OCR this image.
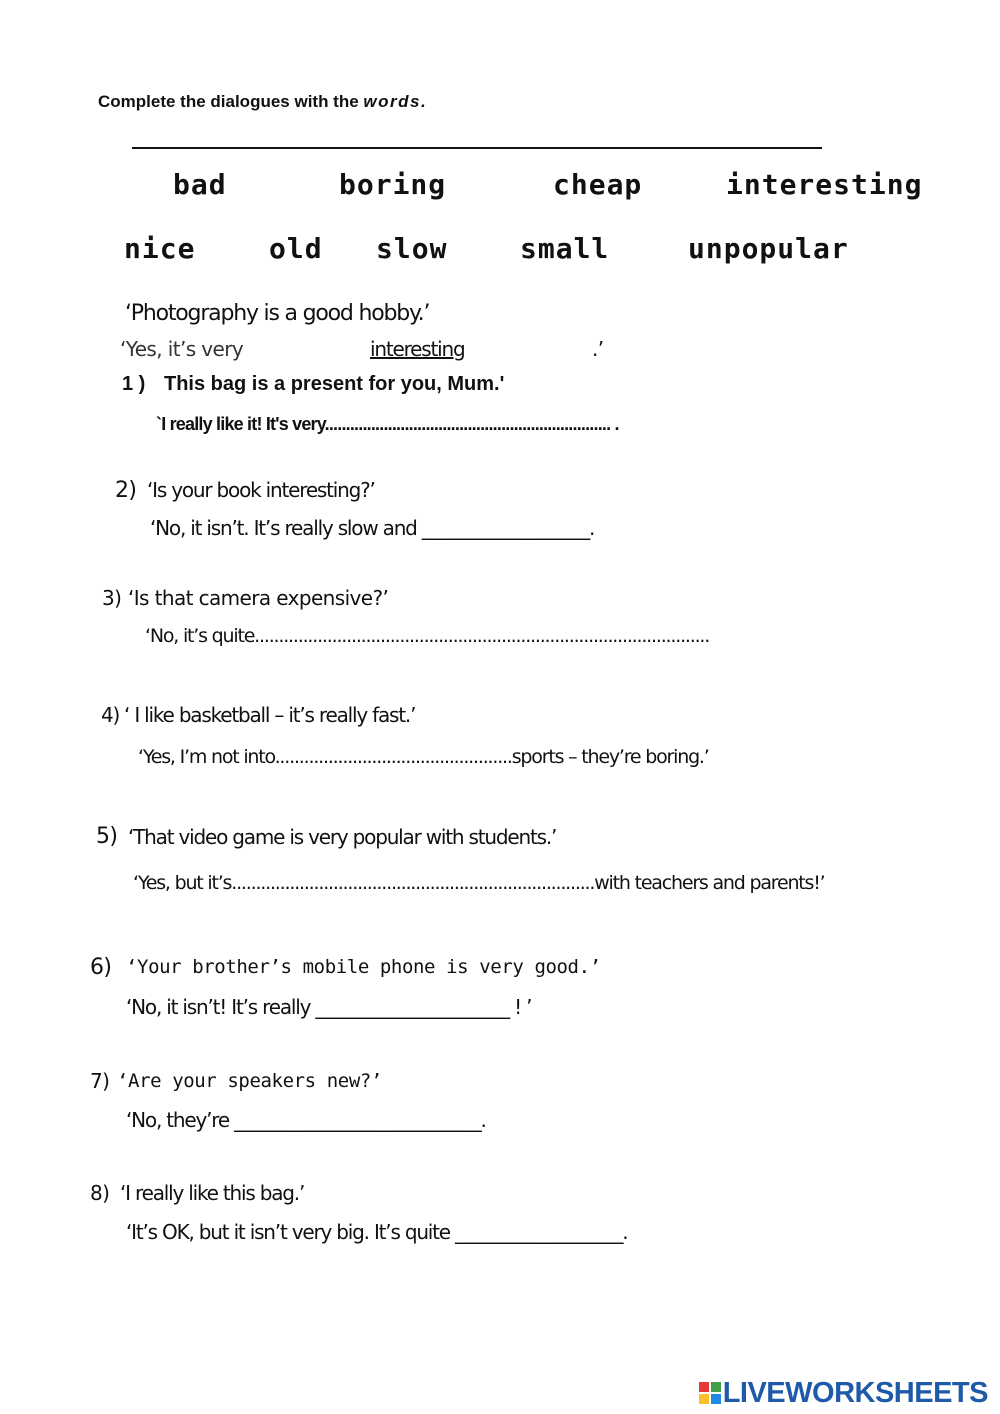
Complete the dialogues with the words.
bad	boring	cheap	interesting
nice	old slow	small	unpopular
‘Photography is a good hobby.’
‘Yes, it’s very	interesting	.’
1 ) This bag is a present for you, Mum.'
`I really like it! It's very.................................................................... .
2) ‘Is your book interesting?’
‘No, it isn’t. It’s really slow and ___________________.
3) ‘Is that camera expensive?’
‘No, it’s quite..............................................................................................
4) ‘ I like basketball – it’s really fast.’
‘Yes, I’m not into.................................................sports – they’re boring.’
5) ‘That video game is very popular with students.’
‘Yes, but it’s...........................................................................with teachers and parents!’
6) ‘Your brother’s mobile phone is very good.’
‘No, it isn’t! It’s really ______________________ ! ’
7) ‘Are your speakers new?’
‘No, they’re ____________________________.
8) ‘I really like this bag.’
‘It’s OK, but it isn’t very big. It’s quite ___________________.
LIVEWORKSHEETS
